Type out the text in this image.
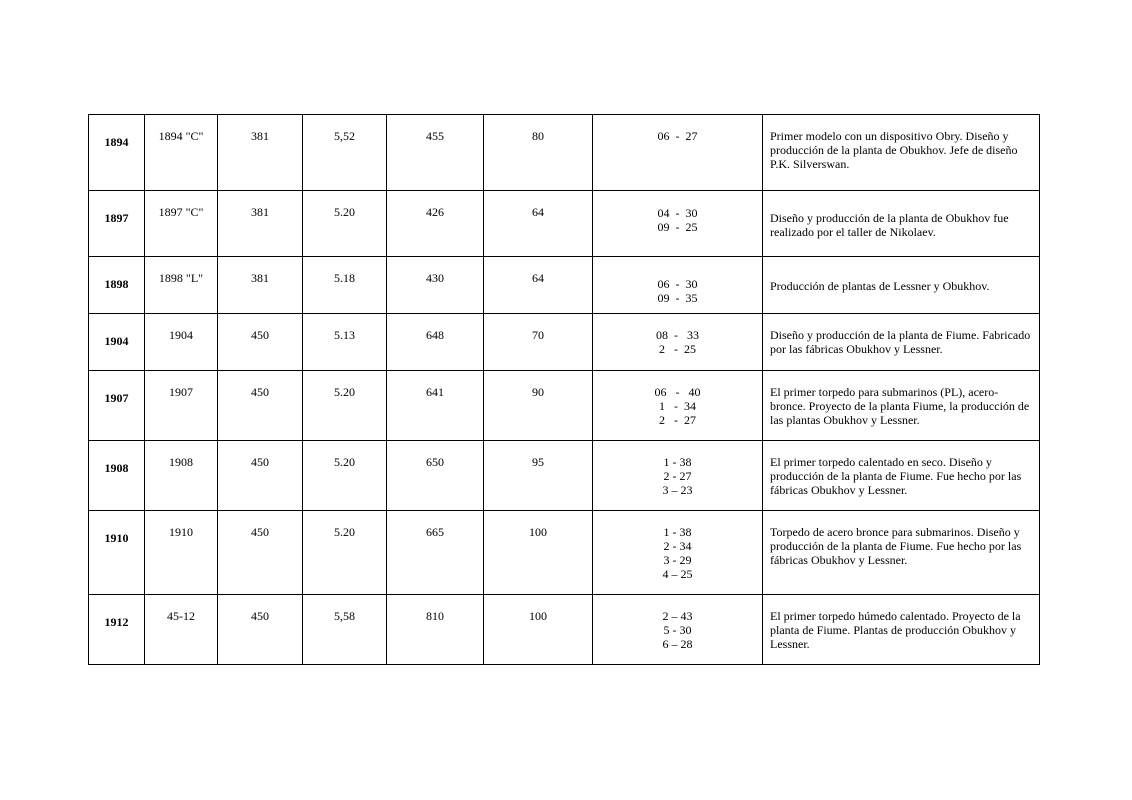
1894	1894 "C"	381	5,52	455	80	06  -  27	Primer modelo con un dispositivo Obry. Diseño y producción de la planta de Obukhov. Jefe de diseño P.K. Silverswan.

1897	1897 "C"	381	5.20	426	64	04  -  30
09  -  25	Diseño y producción de la planta de Obukhov fue realizado por el taller de Nikolaev.

1898	1898 "L"	381	5.18	430	64	06  -  30
09  -  35	Producción de plantas de Lessner y Obukhov.

1904	1904	450	5.13	648	70	08  -   33
2   -  25	Diseño y producción de la planta de Fiume. Fabricado por las fábricas Obukhov y Lessner.

1907	1907	450	5.20	641	90	06   -   40
1   -  34
2   -  27	El primer torpedo para submarinos (PL), acero-bronce. Proyecto de la planta Fiume, la producción de las plantas Obukhov y Lessner.

1908	1908	450	5.20	650	95	1 - 38
2 - 27
3 – 23	El primer torpedo calentado en seco. Diseño y producción de la planta de Fiume. Fue hecho por las fábricas Obukhov y Lessner.

1910	1910	450	5.20	665	100	1 - 38
2 - 34
3 - 29
4 – 25	Torpedo de acero bronce para submarinos. Diseño y producción de la planta de Fiume. Fue hecho por las fábricas Obukhov y Lessner.

1912	45-12	450	5,58	810	100	2 – 43
5 - 30
6 – 28	El primer torpedo húmedo calentado. Proyecto de la planta de Fiume. Plantas de producción Obukhov y Lessner.
